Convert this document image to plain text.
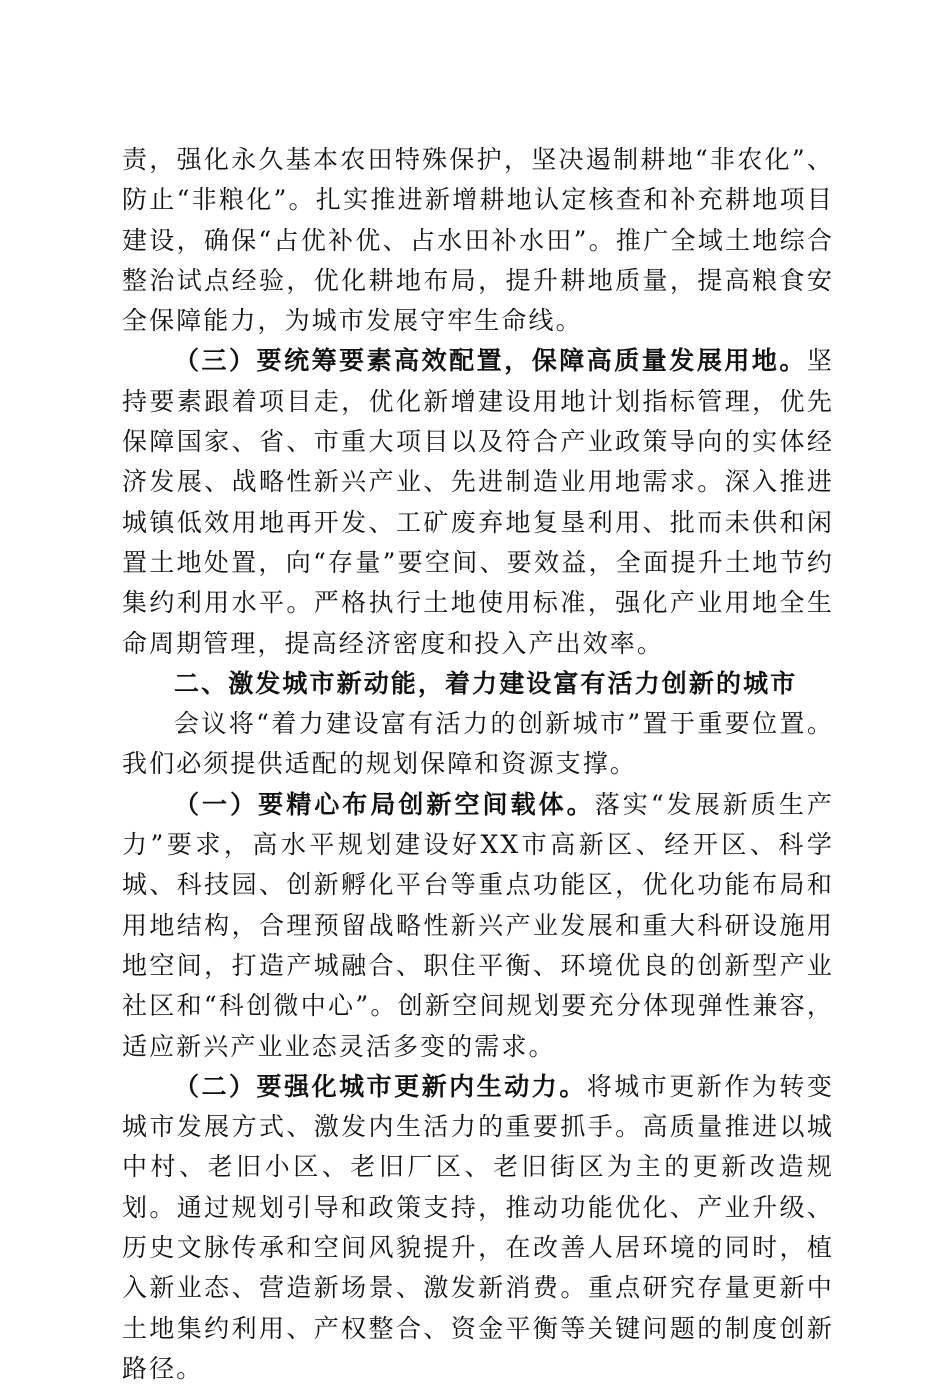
责，强化永久基本农田特殊保护，坚决遏制耕地“非农化”、防止“非粮化”。扎实推进新增耕地认定核查和补充耕地项目建设，确保“占优补优、占水田补水田”。推广全域土地综合整治试点经验，优化耕地布局，提升耕地质量，提高粮食安全保障能力，为城市发展守牢生命线。

（三）要统筹要素高效配置，保障高质量发展用地。坚持要素跟着项目走，优化新增建设用地计划指标管理，优先保障国家、省、市重大项目以及符合产业政策导向的实体经济发展、战略性新兴产业、先进制造业用地需求。深入推进城镇低效用地再开发、工矿废弃地复垦利用、批而未供和闲置土地处置，向“存量”要空间、要效益，全面提升土地节约集约利用水平。严格执行土地使用标准，强化产业用地全生命周期管理，提高经济密度和投入产出效率。

二、激发城市新动能，着力建设富有活力创新的城市

会议将“着力建设富有活力的创新城市”置于重要位置。我们必须提供适配的规划保障和资源支撑。

（一）要精心布局创新空间载体。落实“发展新质生产力”要求，高水平规划建设好XX市高新区、经开区、科学城、科技园、创新孵化平台等重点功能区，优化功能布局和用地结构，合理预留战略性新兴产业发展和重大科研设施用地空间，打造产城融合、职住平衡、环境优良的创新型产业社区和“科创微中心”。创新空间规划要充分体现弹性兼容，适应新兴产业业态灵活多变的需求。

（二）要强化城市更新内生动力。将城市更新作为转变城市发展方式、激发内生活力的重要抓手。高质量推进以城中村、老旧小区、老旧厂区、老旧街区为主的更新改造规划。通过规划引导和政策支持，推动功能优化、产业升级、历史文脉传承和空间风貌提升，在改善人居环境的同时，植入新业态、营造新场景、激发新消费。重点研究存量更新中土地集约利用、产权整合、资金平衡等关键问题的制度创新路径。
